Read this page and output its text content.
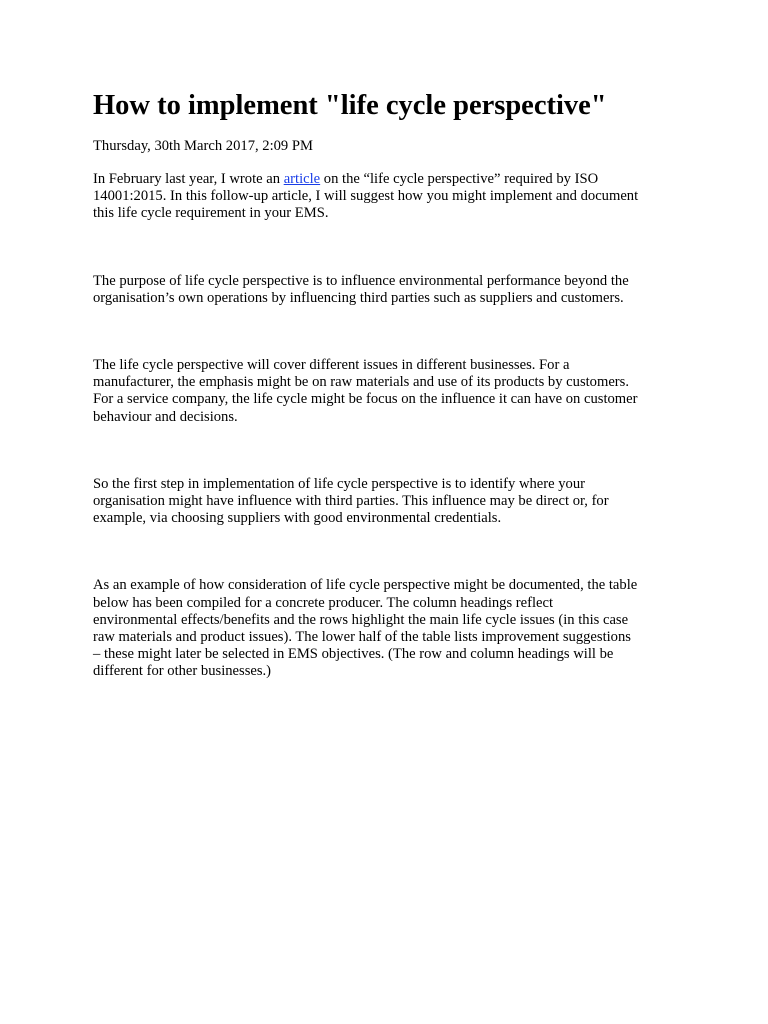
How to implement "life cycle perspective"
Thursday, 30th March 2017, 2:09 PM

In February last year, I wrote an article on the “life cycle perspective” required by ISO
14001:2015. In this follow-up article, I will suggest how you might implement and document
this life cycle requirement in your EMS.

The purpose of life cycle perspective is to influence environmental performance beyond the
organisation’s own operations by influencing third parties such as suppliers and customers.

The life cycle perspective will cover different issues in different businesses. For a
manufacturer, the emphasis might be on raw materials and use of its products by customers.
For a service company, the life cycle might be focus on the influence it can have on customer
behaviour and decisions.

So the first step in implementation of life cycle perspective is to identify where your
organisation might have influence with third parties. This influence may be direct or, for
example, via choosing suppliers with good environmental credentials.

As an example of how consideration of life cycle perspective might be documented, the table
below has been compiled for a concrete producer. The column headings reflect
environmental effects/benefits and the rows highlight the main life cycle issues (in this case
raw materials and product issues). The lower half of the table lists improvement suggestions
– these might later be selected in EMS objectives. (The row and column headings will be
different for other businesses.)
